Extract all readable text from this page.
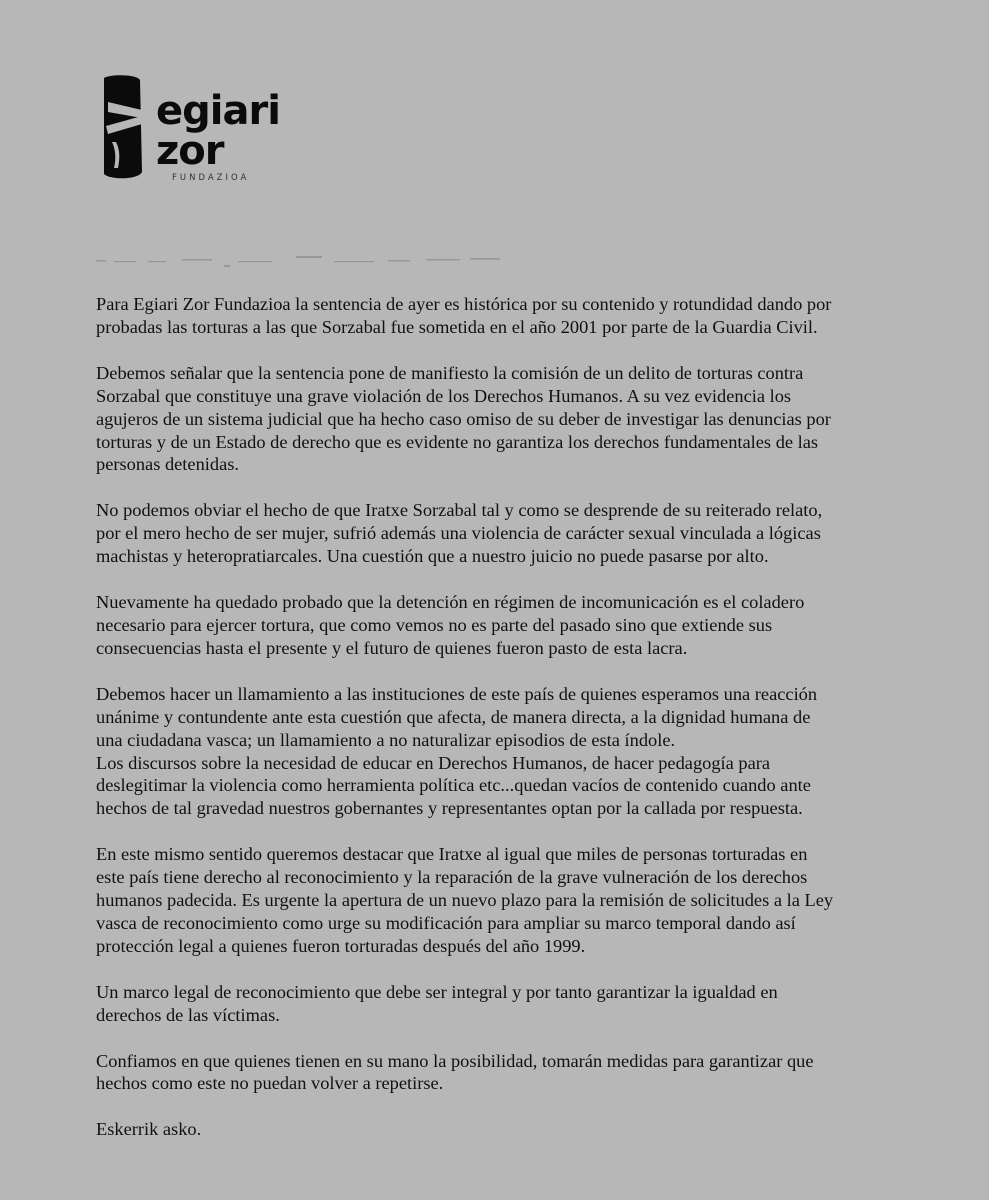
egiari
zor
FUNDAZIOA

Para Egiari Zor Fundazioa la sentencia de ayer es histórica por su contenido y rotundidad dando por
probadas las torturas a las que Sorzabal fue sometida en el año 2001 por parte de la Guardia Civil.

Debemos señalar que la sentencia pone de manifiesto la comisión de un delito de torturas contra
Sorzabal que constituye una grave violación de los Derechos Humanos. A su vez evidencia los
agujeros de un sistema judicial que ha hecho caso omiso de su deber de investigar las denuncias por
torturas y de un Estado de derecho que es evidente no garantiza los derechos fundamentales de las
personas detenidas.

No podemos obviar el hecho de que Iratxe Sorzabal tal y como se desprende de su reiterado relato,
por el mero hecho de ser mujer, sufrió además una violencia de carácter sexual vinculada a lógicas
machistas y heteropratiarcales. Una cuestión que a nuestro juicio no puede pasarse por alto.

Nuevamente ha quedado probado que la detención en régimen de incomunicación es el coladero
necesario para ejercer tortura, que como vemos no es parte del pasado sino que extiende sus
consecuencias hasta el presente y el futuro de quienes fueron pasto de esta lacra.

Debemos hacer un llamamiento a las instituciones de este país de quienes esperamos una reacción
unánime y contundente ante esta cuestión que afecta, de manera directa, a la dignidad humana de
una ciudadana vasca; un llamamiento a no naturalizar episodios de esta índole.

Los discursos sobre la necesidad de educar en Derechos Humanos, de hacer pedagogía para
deslegitimar la violencia como herramienta política etc...quedan vacíos de contenido cuando ante
hechos de tal gravedad nuestros gobernantes y representantes optan por la callada por respuesta.

En este mismo sentido queremos destacar que Iratxe al igual que miles de personas torturadas en
este país tiene derecho al reconocimiento y la reparación de la grave vulneración de los derechos
humanos padecida. Es urgente la apertura de un nuevo plazo para la remisión de solicitudes a la Ley
vasca de reconocimiento como urge su modificación para ampliar su marco temporal dando así
protección legal a quienes fueron torturadas después del año 1999.

Un marco legal de reconocimiento que debe ser integral y por tanto garantizar la igualdad en
derechos de las víctimas.

Confiamos en que quienes tienen en su mano la posibilidad, tomarán medidas para garantizar que
hechos como este no puedan volver a repetirse.

Eskerrik asko.
